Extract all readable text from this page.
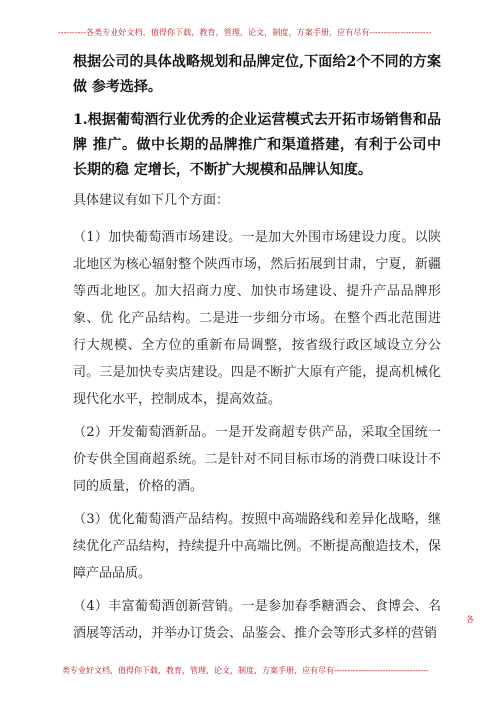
----------各类专业好文档，值得你下载，教育，管理，论文，制度，方案手册，应有尽有----------------------

根据公司的具体战略规划和品牌定位,下面给2个不同的方案做 参考选择。

1.根据葡萄酒行业优秀的企业运营模式去开拓市场销售和品牌 推广。做中长期的品牌推广和渠道搭建，有利于公司中长期的稳 定增长，不断扩大规模和品牌认知度。

具体建议有如下几个方面：

（1）加快葡萄酒市场建设。一是加大外围市场建设力度。以陕 北地区为核心辐射整个陕西市场，然后拓展到甘肃，宁夏，新疆 等西北地区。加大招商力度、加快市场建设、提升产品品牌形象、优 化产品结构。二是进一步细分市场。在整个西北范围进行大规模、全方位的重新布局调整，按省级行政区域设立分公司。三是加快专卖店建设。四是不断扩大原有产能，提高机械化现代化水平，控制成本，提高效益。

（2）开发葡萄酒新品。一是开发商超专供产品，采取全国统一 价专供全国商超系统。二是针对不同目标市场的消费口味设计不 同的质量，价格的酒。

（3）优化葡萄酒产品结构。按照中高端路线和差异化战略，继 续优化产品结构，持续提升中高端比例。不断提高酿造技术，保 障产品品质。

（4）丰富葡萄酒创新营销。一是参加春季糖酒会、食博会、名 酒展等活动，并举办订货会、品鉴会、推介会等形式多样的营销

各
类专业好文档，值得你下载，教育，管理，论文，制度，方案手册，应有尽有-----------------------------------
